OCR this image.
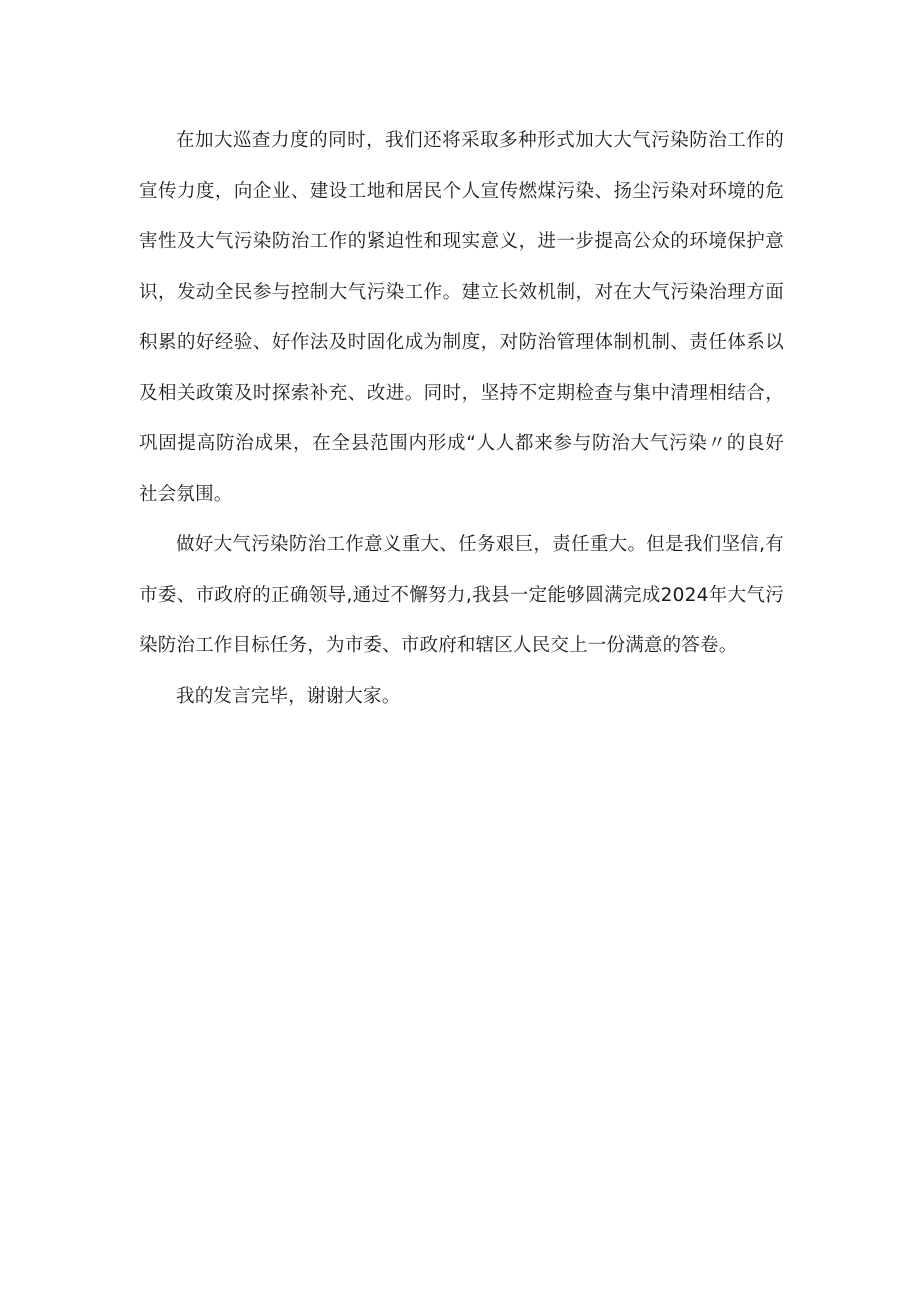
在加大巡查力度的同时，我们还将采取多种形式加大大气污染防治工作的宣传力度，向企业、建设工地和居民个人宣传燃煤污染、扬尘污染对环境的危害性及大气污染防治工作的紧迫性和现实意义，进一步提高公众的环境保护意识，发动全民参与控制大气污染工作。建立长效机制，对在大气污染治理方面积累的好经验、好作法及时固化成为制度，对防治管理体制机制、责任体系以及相关政策及时探索补充、改进。同时，坚持不定期检查与集中清理相结合，巩固提高防治成果，在全县范围内形成“人人都来参与防治大气污染〃的良好社会氛围。

做好大气污染防治工作意义重大、任务艰巨，责任重大。但是我们坚信,有市委、市政府的正确领导,通过不懈努力,我县一定能够圆满完成2024年大气污染防治工作目标任务，为市委、市政府和辖区人民交上一份满意的答卷。

我的发言完毕，谢谢大家。
